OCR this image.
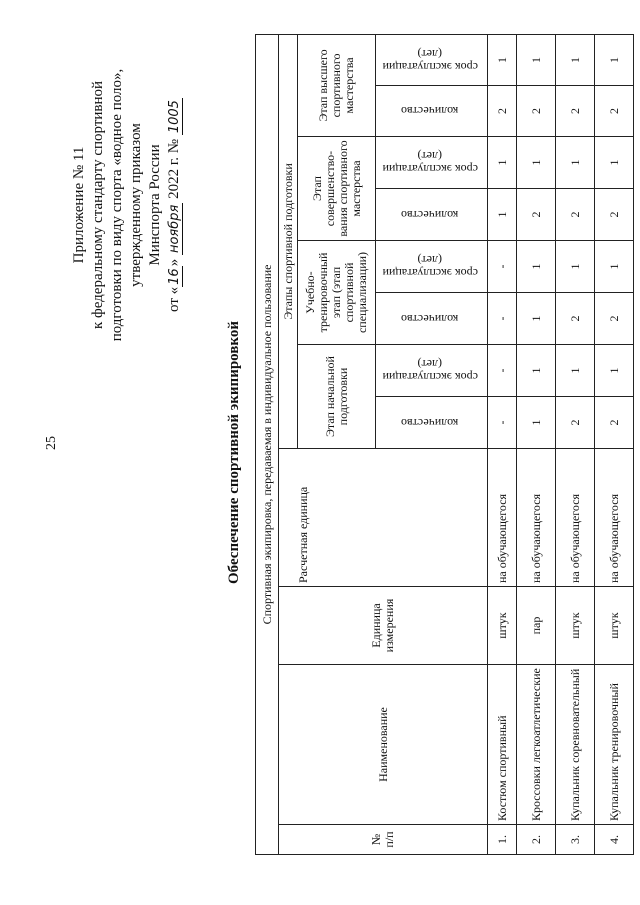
25
Приложение № 11 к федеральному стандарту спортивной подготовки по виду спорта «водное поло», утвержденному приказом Минспорта России
от «16» ноября 2022 г. № 1005
Обеспечение спортивной экипировкой Спортивная экипировка, передаваемая в индивидуальное пользование											
№ п/п	Наименование	Единица измерения	Расчетная единица	Этапы спортивной подготовки							
				Этап начальной подготовки		Учебно-тренировочный этап (этап спортивной специализации)		Этап совершенство-вания спортивного мастерства		Этап высшего спортивного мастерства	
				количество	срок эксплуатации (лет)	количество	срок эксплуатации (лет)	количество	срок эксплуатации (лет)	количество	срок эксплуатации (лет)
1.	Костюм спортивный	штук	на обучающегося	-	-	-	-	1	1	2	1
2.	Кроссовки легкоатлетические	пар	на обучающегося	1	1	1	1	2	1	2	1
3.	Купальник соревновательный	штук	на обучающегося	2	1	2	1	2	1	2	1
4.	Купальник тренировочный	штук	на обучающегося	2	1	2	1	2	1	2	1
